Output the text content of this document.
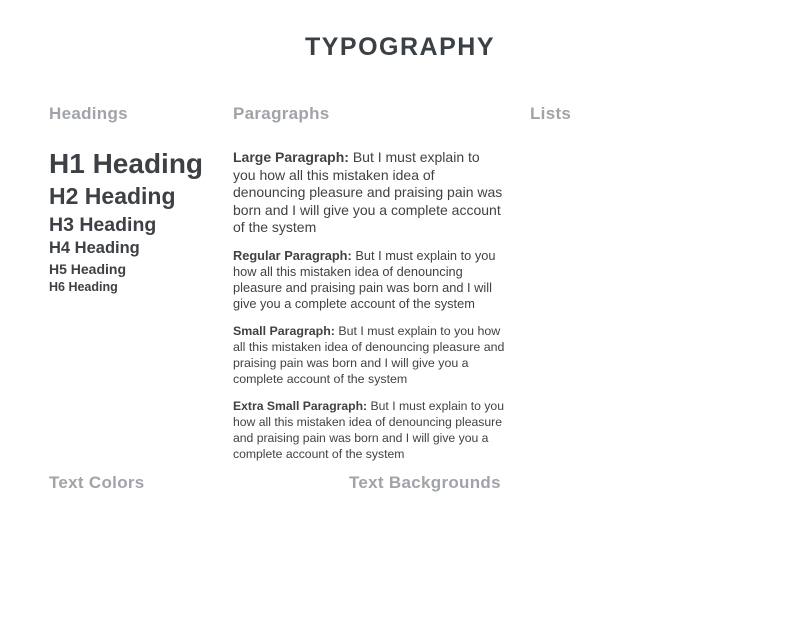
TYPOGRAPHY
Headings
H1 Heading
H2 Heading
H3 Heading
H4 Heading
H5 Heading
H6 Heading
Paragraphs

Large Paragraph: But I must explain to you how all this mistaken idea of denouncing pleasure and praising pain was born and I will give you a complete account of the system

Regular Paragraph: But I must explain to you how all this mistaken idea of denouncing pleasure and praising pain was born and I will give you a complete account of the system

Small Paragraph: But I must explain to you how all this mistaken idea of denouncing pleasure and praising pain was born and I will give you a complete account of the system

Extra Small Paragraph: But I must explain to you how all this mistaken idea of denouncing pleasure and praising pain was born and I will give you a complete account of the system

Lists
Text Colors	Text Backgrounds
